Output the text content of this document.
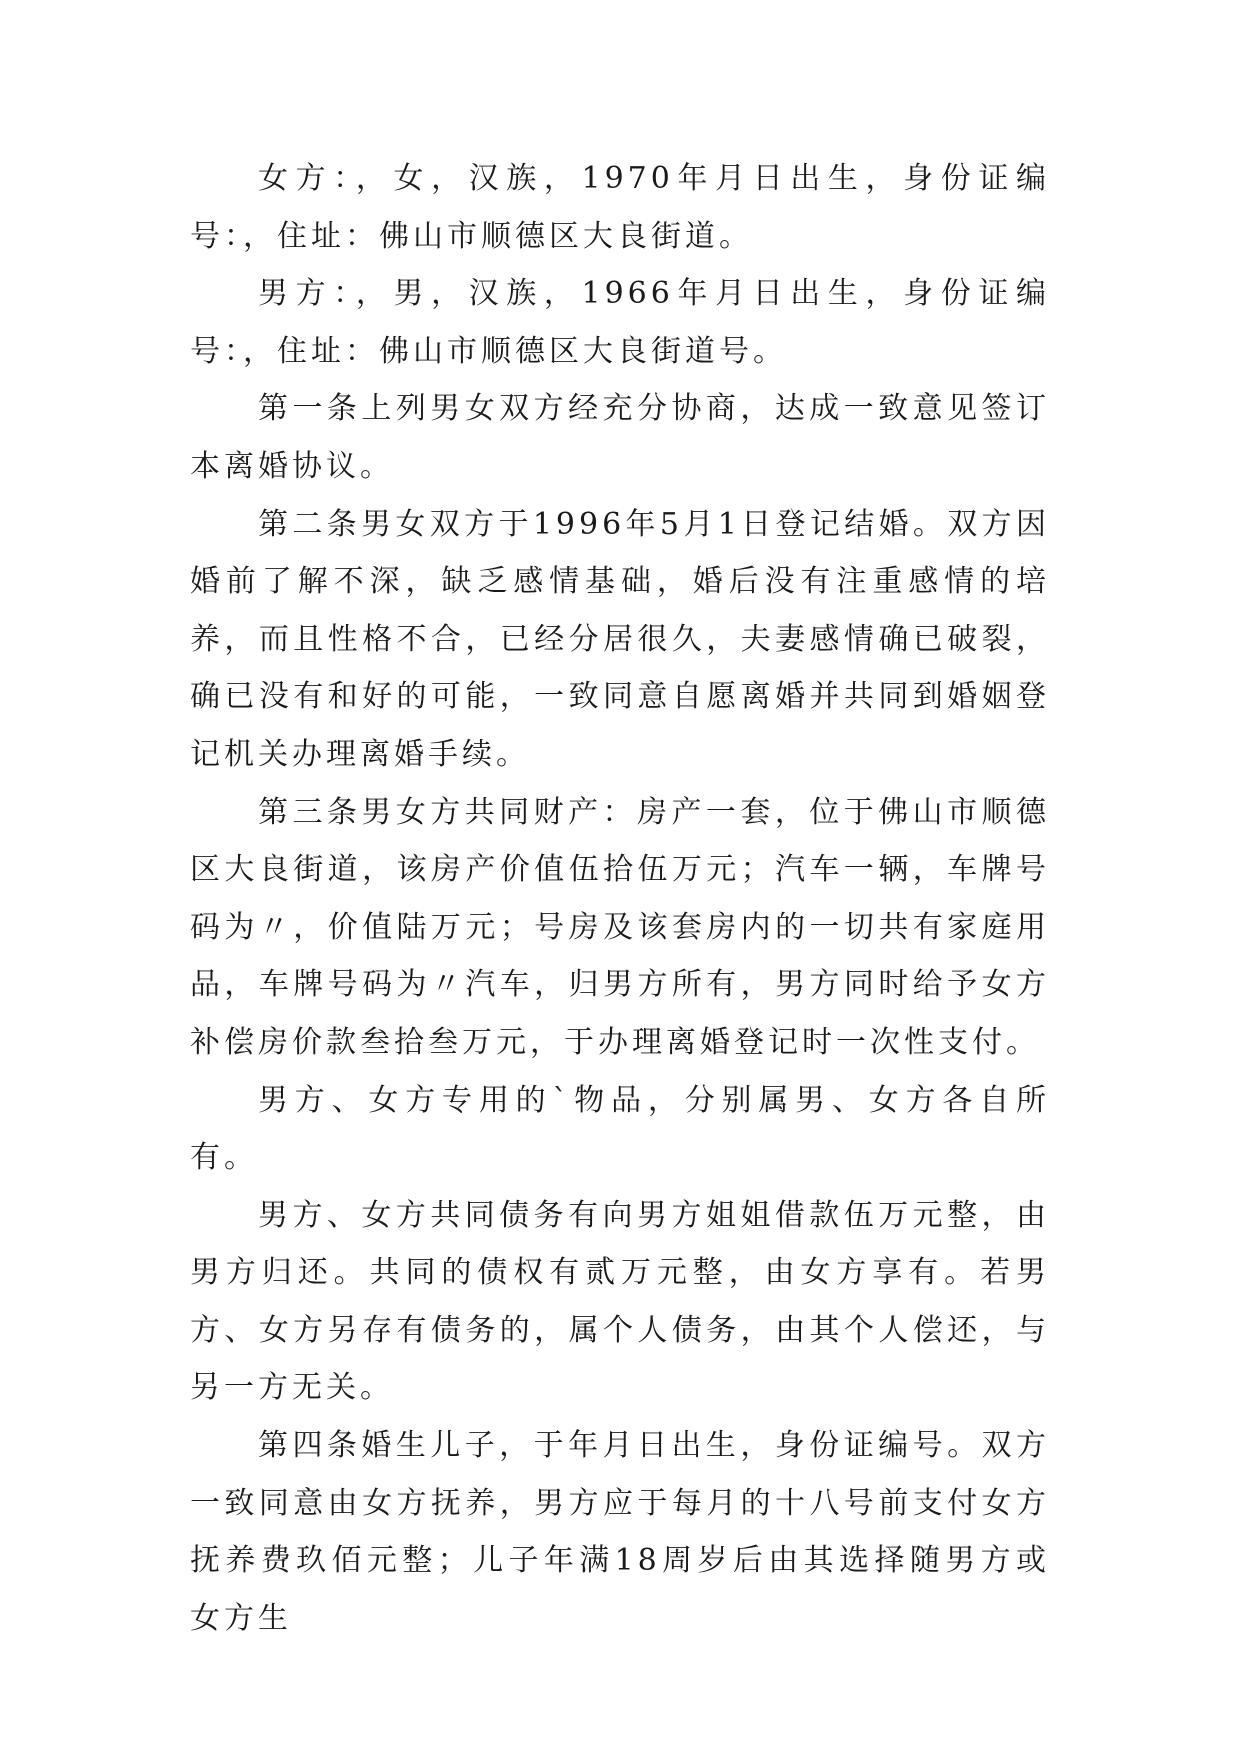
女方：，女，汉族，1970年月日出生，身份证编号：，住址：佛山市顺德区大良街道。

男方：，男，汉族，1966年月日出生，身份证编号：，住址：佛山市顺德区大良街道号。

第一条上列男女双方经充分协商，达成一致意见签订本离婚协议。

第二条男女双方于1996年5月1日登记结婚。双方因婚前了解不深，缺乏感情基础，婚后没有注重感情的培养，而且性格不合，已经分居很久，夫妻感情确已破裂，确已没有和好的可能，一致同意自愿离婚并共同到婚姻登记机关办理离婚手续。

第三条男女方共同财产：房产一套，位于佛山市顺德区大良街道，该房产价值伍拾伍万元；汽车一辆，车牌号码为〃，价值陆万元；号房及该套房内的一切共有家庭用品，车牌号码为〃汽车，归男方所有，男方同时给予女方补偿房价款叁拾叁万元，于办理离婚登记时一次性支付。

男方、女方专用的`物品，分别属男、女方各自所有。

男方、女方共同债务有向男方姐姐借款伍万元整，由男方归还。共同的债权有贰万元整，由女方享有。若男方、女方另存有债务的，属个人债务，由其个人偿还，与另一方无关。

第四条婚生儿子，于年月日出生，身份证编号。双方一致同意由女方抚养，男方应于每月的十八号前支付女方抚养费玖佰元整；儿子年满18周岁后由其选择随男方或女方生
